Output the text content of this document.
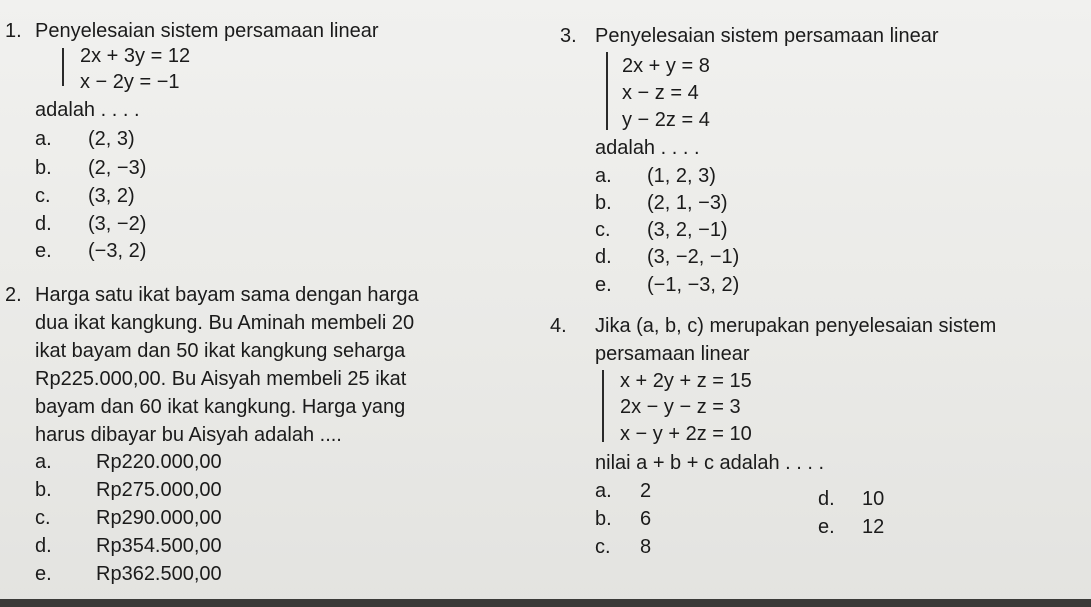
1. Penyelesaian sistem persamaan linear
2x + 3y = 12
x − 2y = −1
adalah . . . .
a. (2, 3)
b. (2, −3)
c. (3, 2)
d. (3, −2)
e. (−3, 2)
2. Harga satu ikat bayam sama dengan harga
dua ikat kangkung. Bu Aminah membeli 20
ikat bayam dan 50 ikat kangkung seharga
Rp225.000,00. Bu Aisyah membeli 25 ikat
bayam dan 60 ikat kangkung. Harga yang
harus dibayar bu Aisyah adalah ....
a. Rp220.000,00
b. Rp275.000,00
c. Rp290.000,00
d. Rp354.500,00
e. Rp362.500,00
3. Penyelesaian sistem persamaan linear
2x + y = 8
x − z = 4
y − 2z = 4
adalah . . . .
a. (1, 2, 3)
b. (2, 1, −3)
c. (3, 2, −1)
d. (3, −2, −1)
e. (−1, −3, 2)
4. Jika (a, b, c) merupakan penyelesaian sistem
persamaan linear
x + 2y + z = 15
2x − y − z = 3
x − y + 2z = 10
nilai a + b + c adalah . . . .
a. 2
b. 6
c. 8
d. 10
e. 12
